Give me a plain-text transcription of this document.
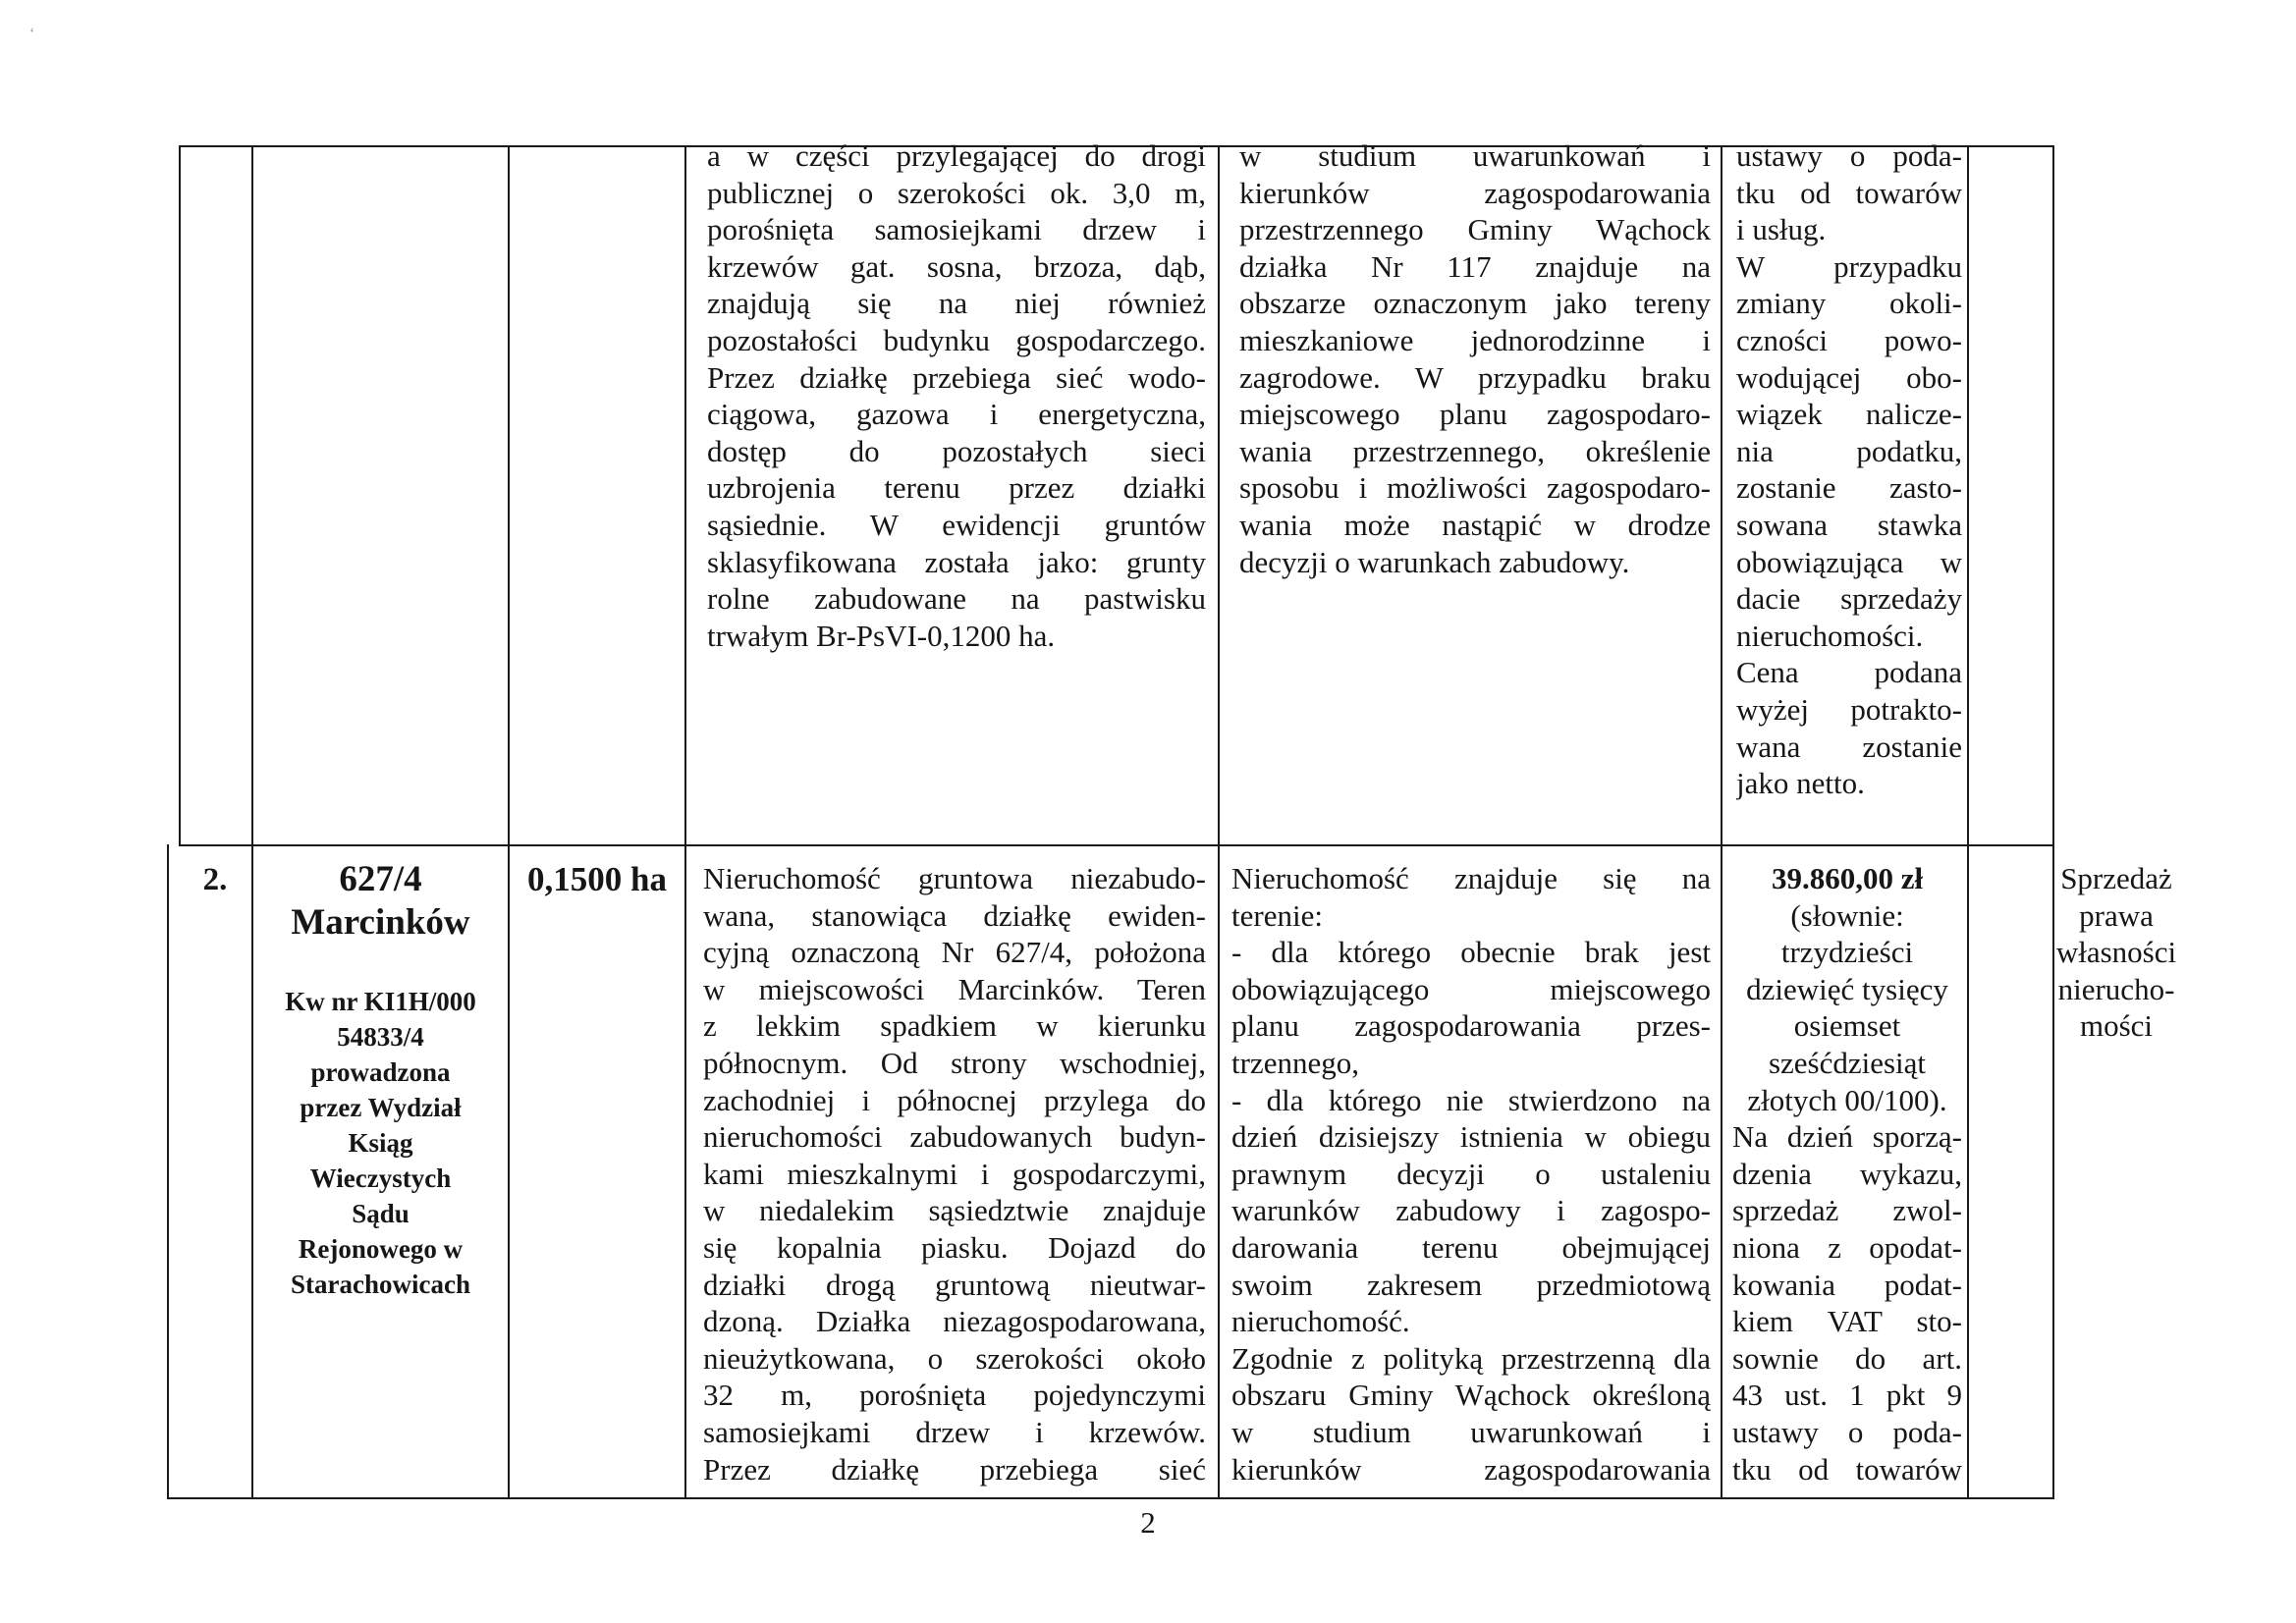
‘
a w części przylegającej do drogi
publicznej o szerokości ok. 3,0 m,
porośnięta samosiejkami drzew i
krzewów gat. sosna, brzoza, dąb,
znajdują się na niej również
pozostałości budynku gospodarczego.
Przez działkę przebiega sieć wodo-
ciągowa, gazowa i energetyczna,
dostęp do pozostałych sieci
uzbrojenia terenu przez działki
sąsiednie. W ewidencji gruntów
sklasyfikowana została jako: grunty
rolne zabudowane na pastwisku
trwałym Br-PsVI-0,1200 ha.
w studium uwarunkowań i
kierunków zagospodarowania
przestrzennego Gminy Wąchock
działka Nr 117 znajduje na
obszarze oznaczonym jako tereny
mieszkaniowe jednorodzinne i
zagrodowe. W przypadku braku
miejscowego planu zagospodaro-
wania przestrzennego, określenie
sposobu i możliwości zagospodaro-
wania może nastąpić w drodze
decyzji o warunkach zabudowy.
ustawy o poda-
tku od towarów
i usług.
W przypadku
zmiany okoli-
czności powo-
wodującej obo-
wiązek nalicze-
nia podatku,
zostanie zasto-
sowana stawka
obowiązująca w
dacie sprzedaży
nieruchomości.
Cena podana
wyżej potrakto-
wana zostanie
jako netto.
2.	627/4
Marcinków
Kw nr KI1H/000
54833/4
prowadzona
przez Wydział
Ksiąg
Wieczystych
Sądu
Rejonowego w
Starachowicach
0,1500 ha	Nieruchomość gruntowa niezabudo-
wana, stanowiąca działkę ewiden-
cyjną oznaczoną Nr 627/4, położona
w miejscowości Marcinków. Teren
z lekkim spadkiem w kierunku
północnym. Od strony wschodniej,
zachodniej i północnej przylega do
nieruchomości zabudowanych budyn-
kami mieszkalnymi i gospodarczymi,
w niedalekim sąsiedztwie znajduje
się kopalnia piasku. Dojazd do
działki drogą gruntową nieutwar-
dzoną. Działka niezagospodarowana,
nieużytkowana, o szerokości około
32 m, porośnięta pojedynczymi
samosiejkami drzew i krzewów.
Przez działkę przebiega sieć
Nieruchomość znajduje się na
terenie:
- dla którego obecnie brak jest
obowiązującego miejscowego
planu zagospodarowania przes-
trzennego,
- dla którego nie stwierdzono na
dzień dzisiejszy istnienia w obiegu
prawnym decyzji o ustaleniu
warunków zabudowy i zagospo-
darowania terenu obejmującej
swoim zakresem przedmiotową
nieruchomość.
Zgodnie z polityką przestrzenną dla
obszaru Gminy Wąchock określoną
w studium uwarunkowań i
kierunków zagospodarowania
39.860,00 zł
(słownie:
trzydzieści
dziewięć tysięcy
osiemset
sześćdziesiąt
złotych 00/100).
Na dzień sporzą-
dzenia wykazu,
sprzedaż zwol-
niona z opodat-
kowania podat-
kiem VAT sto-
sownie do art.
43 ust. 1 pkt 9
ustawy o poda-
tku od towarów
Sprzedaż
prawa
własności
nierucho-
mości
2
